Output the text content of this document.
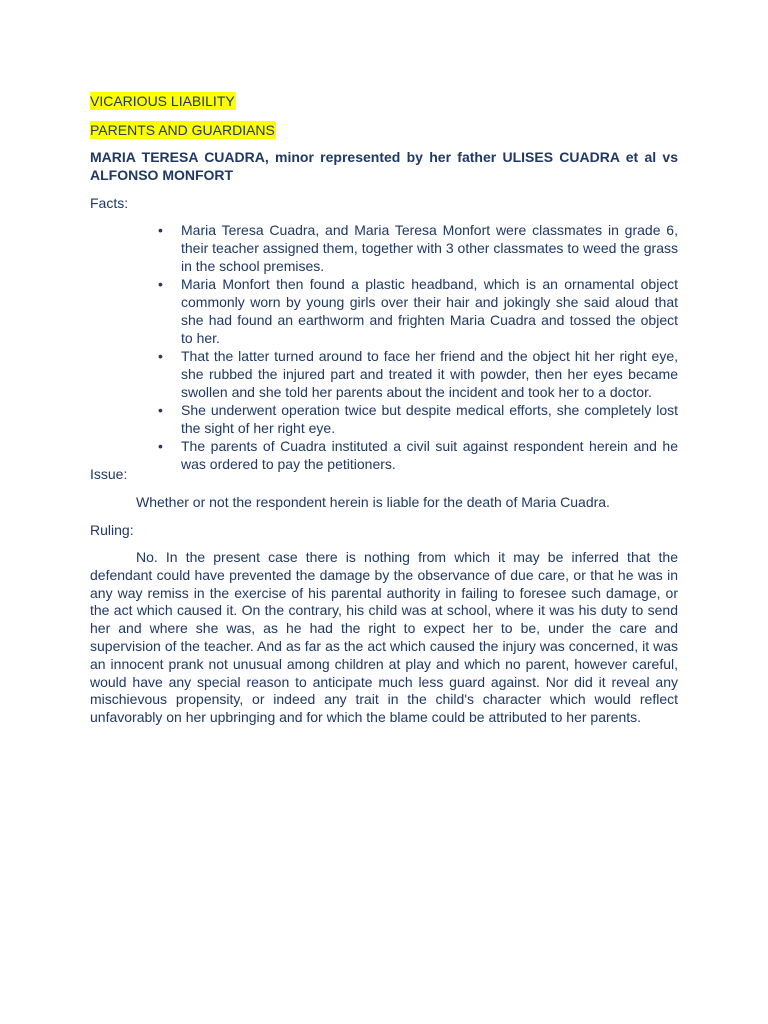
VICARIOUS LIABILITY
PARENTS AND GUARDIANS
MARIA TERESA CUADRA, minor represented by her father ULISES CUADRA et al vs ALFONSO MONFORT
Facts:
• Maria Teresa Cuadra, and Maria Teresa Monfort were classmates in grade 6, their teacher assigned them, together with 3 other classmates to weed the grass in the school premises.
• Maria Monfort then found a plastic headband, which is an ornamental object commonly worn by young girls over their hair and jokingly she said aloud that she had found an earthworm and frighten Maria Cuadra and tossed the object to her.
• That the latter turned around to face her friend and the object hit her right eye, she rubbed the injured part and treated it with powder, then her eyes became swollen and she told her parents about the incident and took her to a doctor.
• She underwent operation twice but despite medical efforts, she completely lost the sight of her right eye.
• The parents of Cuadra instituted a civil suit against respondent herein and he was ordered to pay the petitioners.
Issue:
Whether or not the respondent herein is liable for the death of Maria Cuadra.
Ruling:

No. In the present case there is nothing from which it may be inferred that the defendant could have prevented the damage by the observance of due care, or that he was in any way remiss in the exercise of his parental authority in failing to foresee such damage, or the act which caused it. On the contrary, his child was at school, where it was his duty to send her and where she was, as he had the right to expect her to be, under the care and supervision of the teacher. And as far as the act which caused the injury was concerned, it was an innocent prank not unusual among children at play and which no parent, however careful, would have any special reason to anticipate much less guard against. Nor did it reveal any mischievous propensity, or indeed any trait in the child's character which would reflect unfavorably on her upbringing and for which the blame could be attributed to her parents.
